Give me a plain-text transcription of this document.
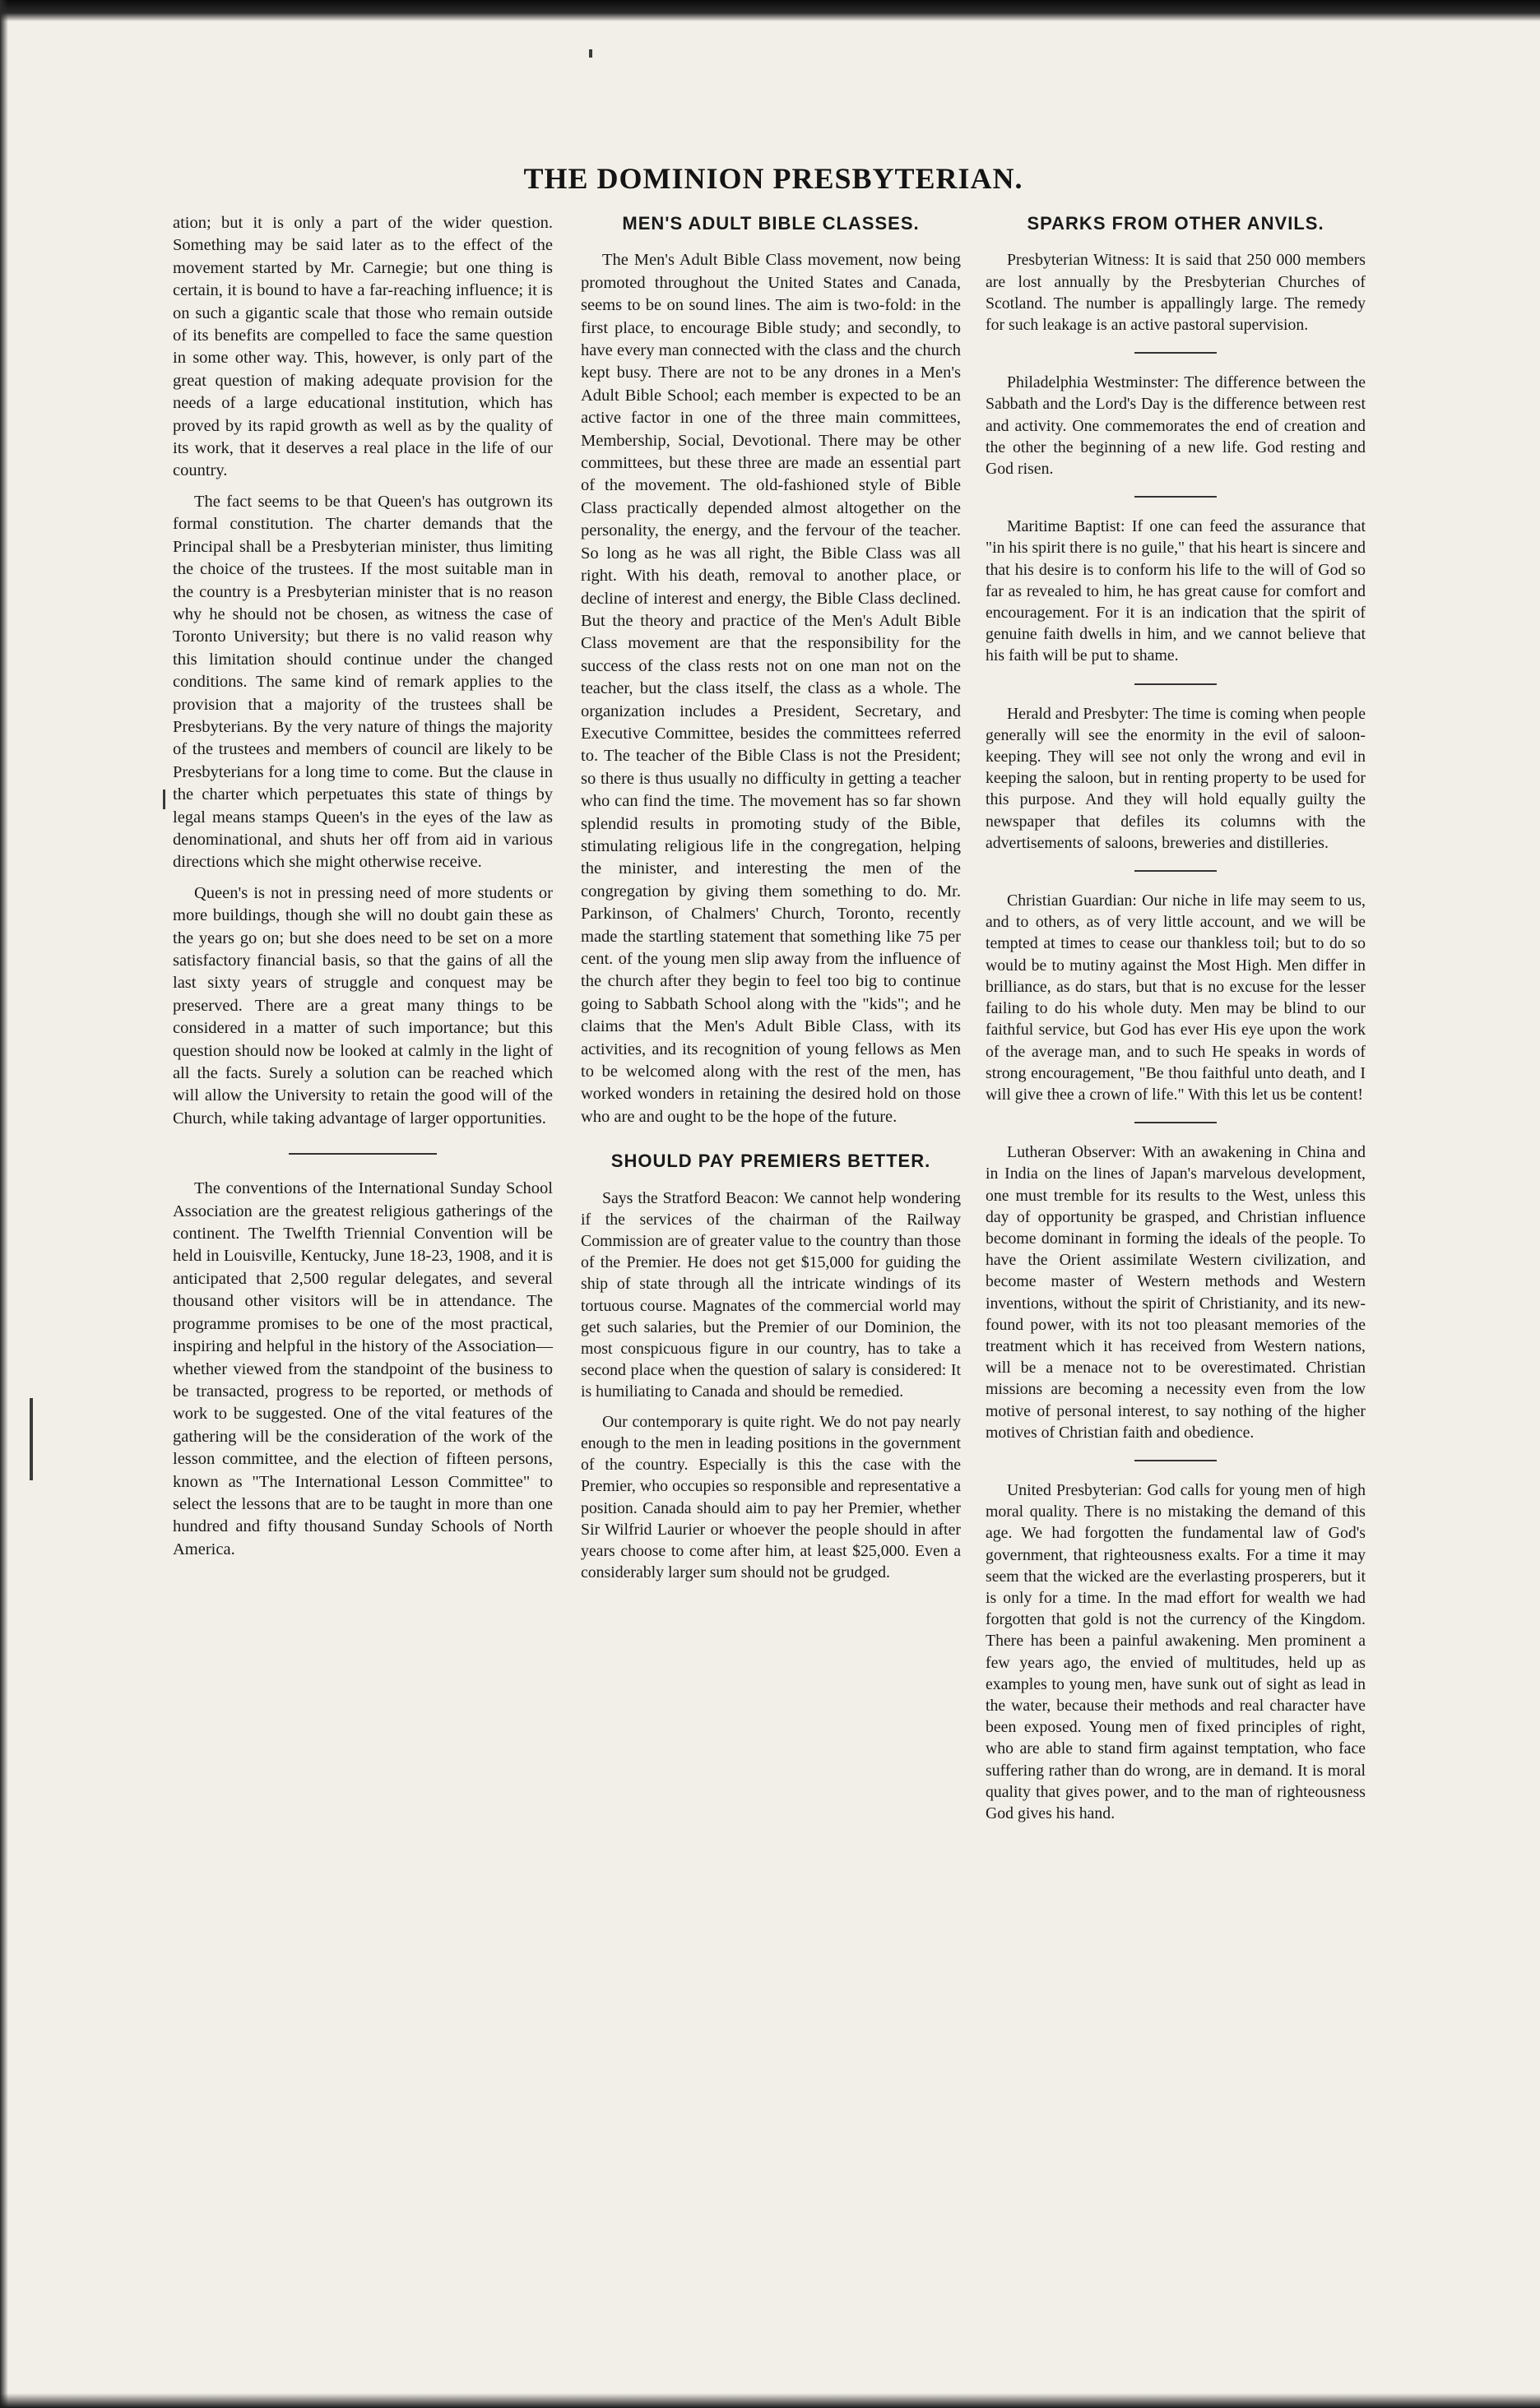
THE DOMINION PRESBYTERIAN.

ation; but it is only a part of the wider question. Something may be said later as to the effect of the movement started by Mr. Carnegie; but one thing is certain, it is bound to have a far-reaching influence; it is on such a gigantic scale that those who remain outside of its benefits are compelled to face the same question in some other way. This, however, is only part of the great question of making adequate provision for the needs of a large educational institution, which has proved by its rapid growth as well as by the quality of its work, that it deserves a real place in the life of our country.

The fact seems to be that Queen's has outgrown its formal constitution. The charter demands that the Principal shall be a Presbyterian minister, thus limiting the choice of the trustees. If the most suitable man in the country is a Presbyterian minister that is no reason why he should not be chosen, as witness the case of Toronto University; but there is no valid reason why this limitation should continue under the changed conditions. The same kind of remark applies to the provision that a majority of the trustees shall be Presbyterians. By the very nature of things the majority of the trustees and members of council are likely to be Presbyterians for a long time to come. But the clause in the charter which perpetuates this state of things by legal means stamps Queen's in the eyes of the law as denominational, and shuts her off from aid in various directions which she might otherwise receive.

Queen's is not in pressing need of more students or more buildings, though she will no doubt gain these as the years go on; but she does need to be set on a more satisfactory financial basis, so that the gains of all the last sixty years of struggle and conquest may be preserved. There are a great many things to be considered in a matter of such importance; but this question should now be looked at calmly in the light of all the facts. Surely a solution can be reached which will allow the University to retain the good will of the Church, while taking advantage of larger opportunities.

The conventions of the International Sunday School Association are the greatest religious gatherings of the continent. The Twelfth Triennial Convention will be held in Louisville, Kentucky, June 18-23, 1908, and it is anticipated that 2,500 regular delegates, and several thousand other visitors will be in attendance. The programme promises to be one of the most practical, inspiring and helpful in the history of the Association—whether viewed from the standpoint of the business to be transacted, progress to be reported, or methods of work to be suggested. One of the vital features of the gathering will be the consideration of the work of the lesson committee, and the election of fifteen persons, known as "The International Lesson Committee" to select the lessons that are to be taught in more than one hundred and fifty thousand Sunday Schools of North America.

MEN'S ADULT BIBLE CLASSES.

The Men's Adult Bible Class movement, now being promoted throughout the United States and Canada, seems to be on sound lines. The aim is two-fold: in the first place, to encourage Bible study; and secondly, to have every man connected with the class and the church kept busy. There are not to be any drones in a Men's Adult Bible School; each member is expected to be an active factor in one of the three main committees, Membership, Social, Devotional. There may be other committees, but these three are made an essential part of the movement. The old-fashioned style of Bible Class practically depended almost altogether on the personality, the energy, and the fervour of the teacher. So long as he was all right, the Bible Class was all right. With his death, removal to another place, or decline of interest and energy, the Bible Class declined. But the theory and practice of the Men's Adult Bible Class movement are that the responsibility for the success of the class rests not on one man not on the teacher, but the class itself, the class as a whole. The organization includes a President, Secretary, and Executive Committee, besides the committees referred to. The teacher of the Bible Class is not the President; so there is thus usually no difficulty in getting a teacher who can find the time. The movement has so far shown splendid results in promoting study of the Bible, stimulating religious life in the congregation, helping the minister, and interesting the men of the congregation by giving them something to do. Mr. Parkinson, of Chalmers' Church, Toronto, recently made the startling statement that something like 75 per cent. of the young men slip away from the influence of the church after they begin to feel too big to continue going to Sabbath School along with the "kids"; and he claims that the Men's Adult Bible Class, with its activities, and its recognition of young fellows as Men to be welcomed along with the rest of the men, has worked wonders in retaining the desired hold on those who are and ought to be the hope of the future.

SHOULD PAY PREMIERS BETTER.

Says the Stratford Beacon: We cannot help wondering if the services of the chairman of the Railway Commission are of greater value to the country than those of the Premier. He does not get $15,000 for guiding the ship of state through all the intricate windings of its tortuous course. Magnates of the commercial world may get such salaries, but the Premier of our Dominion, the most conspicuous figure in our country, has to take a second place when the question of salary is considered: It is humiliating to Canada and should be remedied.

Our contemporary is quite right. We do not pay nearly enough to the men in leading positions in the government of the country. Especially is this the case with the Premier, who occupies so responsible and representative a position. Canada should aim to pay her Premier, whether Sir Wilfrid Laurier or whoever the people should in after years choose to come after him, at least $25,000. Even a considerably larger sum should not be grudged.

SPARKS FROM OTHER ANVILS.

Presbyterian Witness: It is said that 250 000 members are lost annually by the Presbyterian Churches of Scotland. The number is appallingly large. The remedy for such leakage is an active pastoral supervision.

Philadelphia Westminster: The difference between the Sabbath and the Lord's Day is the difference between rest and activity. One commemorates the end of creation and the other the beginning of a new life. God resting and God risen.

Maritime Baptist: If one can feed the assurance that "in his spirit there is no guile," that his heart is sincere and that his desire is to conform his life to the will of God so far as revealed to him, he has great cause for comfort and encouragement. For it is an indication that the spirit of genuine faith dwells in him, and we cannot believe that his faith will be put to shame.

Herald and Presbyter: The time is coming when people generally will see the enormity in the evil of saloon-keeping. They will see not only the wrong and evil in keeping the saloon, but in renting property to be used for this purpose. And they will hold equally guilty the newspaper that defiles its columns with the advertisements of saloons, breweries and distilleries.

Christian Guardian: Our niche in life may seem to us, and to others, as of very little account, and we will be tempted at times to cease our thankless toil; but to do so would be to mutiny against the Most High. Men differ in brilliance, as do stars, but that is no excuse for the lesser failing to do his whole duty. Men may be blind to our faithful service, but God has ever His eye upon the work of the average man, and to such He speaks in words of strong encouragement, "Be thou faithful unto death, and I will give thee a crown of life." With this let us be content!

Lutheran Observer: With an awakening in China and in India on the lines of Japan's marvelous development, one must tremble for its results to the West, unless this day of opportunity be grasped, and Christian influence become dominant in forming the ideals of the people. To have the Orient assimilate Western civilization, and become master of Western methods and Western inventions, without the spirit of Christianity, and its new-found power, with its not too pleasant memories of the treatment which it has received from Western nations, will be a menace not to be overestimated. Christian missions are becoming a necessity even from the low motive of personal interest, to say nothing of the higher motives of Christian faith and obedience.

United Presbyterian: God calls for young men of high moral quality. There is no mistaking the demand of this age. We had forgotten the fundamental law of God's government, that righteousness exalts. For a time it may seem that the wicked are the everlasting prosperers, but it is only for a time. In the mad effort for wealth we had forgotten that gold is not the currency of the Kingdom. There has been a painful awakening. Men prominent a few years ago, the envied of multitudes, held up as examples to young men, have sunk out of sight as lead in the water, because their methods and real character have been exposed. Young men of fixed principles of right, who are able to stand firm against temptation, who face suffering rather than do wrong, are in demand. It is moral quality that gives power, and to the man of righteousness God gives his hand.
